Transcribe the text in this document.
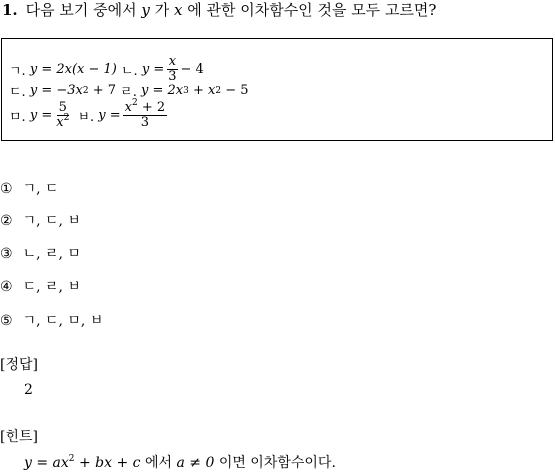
1. 다음 보기 중에서 y 가 x 에 관한 이차함수인 것을 모두 고르면?
ㄱ.
y = 2x(x − 1)
ㄴ.
$y = \frac{x}{3} - 4$
ㄷ.
y = −3x 2
+ 7
ㄹ.
y = 2x 3
+ x 2
− 5
ㅁ.
$y = \frac{5}{x^2}$
ㅂ.
$y = \frac{x^2 + 2}{3}$
① ㄱ, ㄷ
② ㄱ, ㄷ, ㅂ
③ ㄴ, ㄹ, ㅁ
④ ㄷ, ㄹ, ㅂ
⑤ ㄱ, ㄷ, ㅁ, ㅂ
[정답]
2
[힌트]
$y = ax^2$ + bx + c 에서 a ≠ 0 이면 이차함수이다.
